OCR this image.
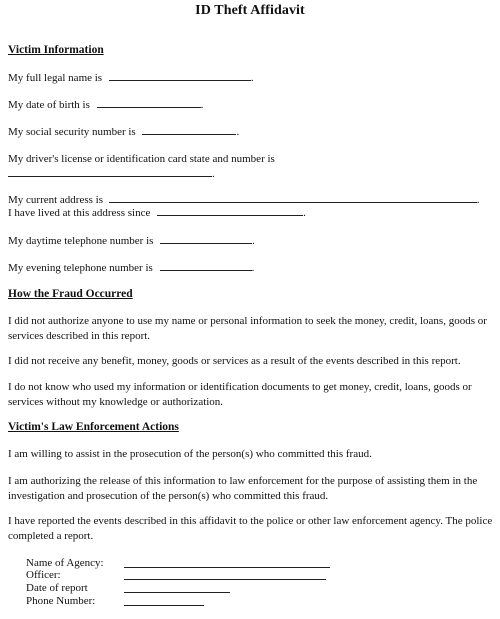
ID Theft Affidavit
Victim Information
My full legal name is	.
My date of birth is	.
My social security number is	.
My driver's license or identification card state and number is
.
My current address is	.
I have lived at this address since	.
My daytime telephone number is	.
My evening telephone number is	.
How the Fraud Occurred
I did not authorize anyone to use my name or personal information to seek the money, credit, loans, goods or services described in this report.
I did not receive any benefit, money, goods or services as a result of the events described in this report.
I do not know who used my information or identification documents to get money, credit, loans, goods or services without my knowledge or authorization.
Victim's Law Enforcement Actions
I am willing to assist in the prosecution of the person(s) who committed this fraud.
I am authorizing the release of this information to law enforcement for the purpose of assisting them in the investigation and prosecution of the person(s) who committed this fraud.
I have reported the events described in this affidavit to the police or other law enforcement agency. The police completed a report.
Name of Agency:
Officer:
Date of report
Phone Number:
